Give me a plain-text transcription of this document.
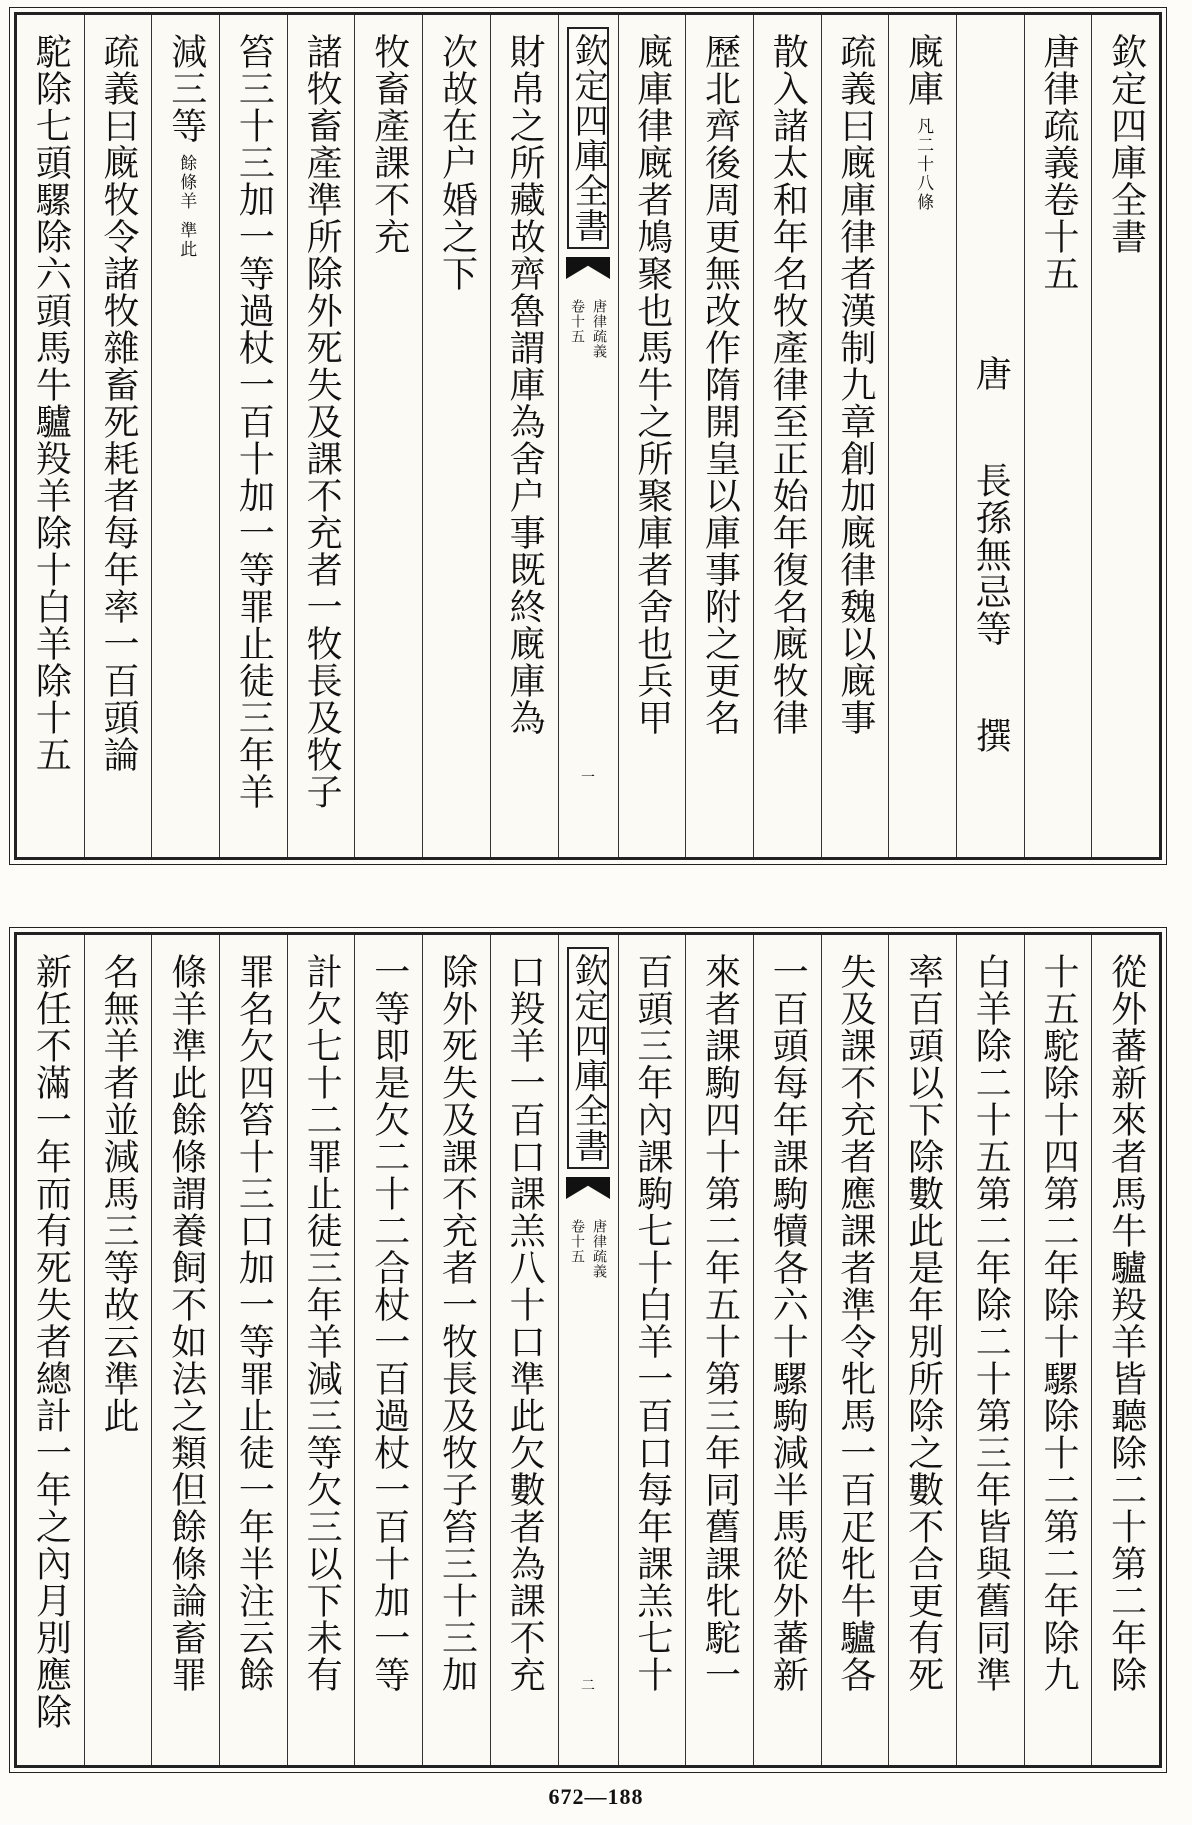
欽定四庫全書
唐律疏義卷十五
唐
長孫無忌等
撰
廐庫
凡二十八條
疏義曰廐庫律者漢制九章創加廐律魏以廐事
散入諸太和年名牧產律至正始年復名廐牧律
歷北齊後周更無改作隋開皇以庫事附之更名
廐庫律廐者鳩聚也馬牛之所聚庫者舍也兵甲
欽定四庫全書
唐律疏義
卷十五
一
財帛之所藏故齊魯謂庫為舍户事既終廐庫為
次故在户婚之下
牧畜產課不充
諸牧畜產準所除外死失及課不充者一牧長及牧子
笞三十三加一等過杖一百十加一等罪止徒三年羊
減三等
餘條羊
準此
疏義曰廐牧令諸牧雜畜死耗者每年率一百頭論
駝除七頭騾除六頭馬牛驢羖羊除十白羊除十五
從外蕃新來者馬牛驢羖羊皆聽除二十第二年除
十五駝除十四第二年除十騾除十二第二年除九
白羊除二十五第二年除二十第三年皆與舊同準
率百頭以下除數此是年別所除之數不合更有死
失及課不充者應課者準令牝馬一百疋牝牛驢各
一百頭每年課駒犢各六十騾駒減半馬從外蕃新
來者課駒四十第二年五十第三年同舊課牝駝一
百頭三年內課駒七十白羊一百口每年課羔七十
欽定四庫全書
唐律疏義
卷十五
二
口羖羊一百口課羔八十口準此欠數者為課不充
除外死失及課不充者一牧長及牧子笞三十三加
一等即是欠二十二合杖一百過杖一百十加一等
計欠七十二罪止徒三年羊減三等欠三以下未有
罪名欠四笞十三口加一等罪止徒一年半注云餘
條羊準此餘條謂養飼不如法之類但餘條論畜罪
名無羊者並減馬三等故云準此
新任不滿一年而有死失者總計一年之內月別應除
672—188
